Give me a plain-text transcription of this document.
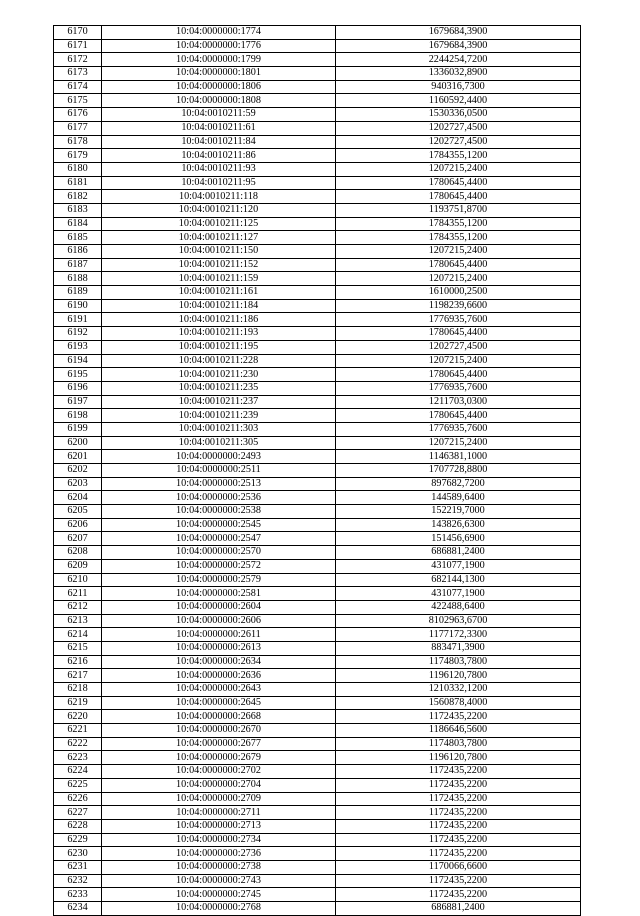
6170	10:04:0000000:1774	1679684,3900
6171	10:04:0000000:1776	1679684,3900
6172	10:04:0000000:1799	2244254,7200
6173	10:04:0000000:1801	1336032,8900
6174	10:04:0000000:1806	940316,7300
6175	10:04:0000000:1808	1160592,4400
6176	10:04:0010211:59	1530336,0500
6177	10:04:0010211:61	1202727,4500
6178	10:04:0010211:84	1202727,4500
6179	10:04:0010211:86	1784355,1200
6180	10:04:0010211:93	1207215,2400
6181	10:04:0010211:95	1780645,4400
6182	10:04:0010211:118	1780645,4400
6183	10:04:0010211:120	1193751,8700
6184	10:04:0010211:125	1784355,1200
6185	10:04:0010211:127	1784355,1200
6186	10:04:0010211:150	1207215,2400
6187	10:04:0010211:152	1780645,4400
6188	10:04:0010211:159	1207215,2400
6189	10:04:0010211:161	1610000,2500
6190	10:04:0010211:184	1198239,6600
6191	10:04:0010211:186	1776935,7600
6192	10:04:0010211:193	1780645,4400
6193	10:04:0010211:195	1202727,4500
6194	10:04:0010211:228	1207215,2400
6195	10:04:0010211:230	1780645,4400
6196	10:04:0010211:235	1776935,7600
6197	10:04:0010211:237	1211703,0300
6198	10:04:0010211:239	1780645,4400
6199	10:04:0010211:303	1776935,7600
6200	10:04:0010211:305	1207215,2400
6201	10:04:0000000:2493	1146381,1000
6202	10:04:0000000:2511	1707728,8800
6203	10:04:0000000:2513	897682,7200
6204	10:04:0000000:2536	144589,6400
6205	10:04:0000000:2538	152219,7000
6206	10:04:0000000:2545	143826,6300
6207	10:04:0000000:2547	151456,6900
6208	10:04:0000000:2570	686881,2400
6209	10:04:0000000:2572	431077,1900
6210	10:04:0000000:2579	682144,1300
6211	10:04:0000000:2581	431077,1900
6212	10:04:0000000:2604	422488,6400
6213	10:04:0000000:2606	8102963,6700
6214	10:04:0000000:2611	1177172,3300
6215	10:04:0000000:2613	883471,3900
6216	10:04:0000000:2634	1174803,7800
6217	10:04:0000000:2636	1196120,7800
6218	10:04:0000000:2643	1210332,1200
6219	10:04:0000000:2645	1560878,4000
6220	10:04:0000000:2668	1172435,2200
6221	10:04:0000000:2670	1186646,5600
6222	10:04:0000000:2677	1174803,7800
6223	10:04:0000000:2679	1196120,7800
6224	10:04:0000000:2702	1172435,2200
6225	10:04:0000000:2704	1172435,2200
6226	10:04:0000000:2709	1172435,2200
6227	10:04:0000000:2711	1172435,2200
6228	10:04:0000000:2713	1172435,2200
6229	10:04:0000000:2734	1172435,2200
6230	10:04:0000000:2736	1172435,2200
6231	10:04:0000000:2738	1170066,6600
6232	10:04:0000000:2743	1172435,2200
6233	10:04:0000000:2745	1172435,2200
6234	10:04:0000000:2768	686881,2400
